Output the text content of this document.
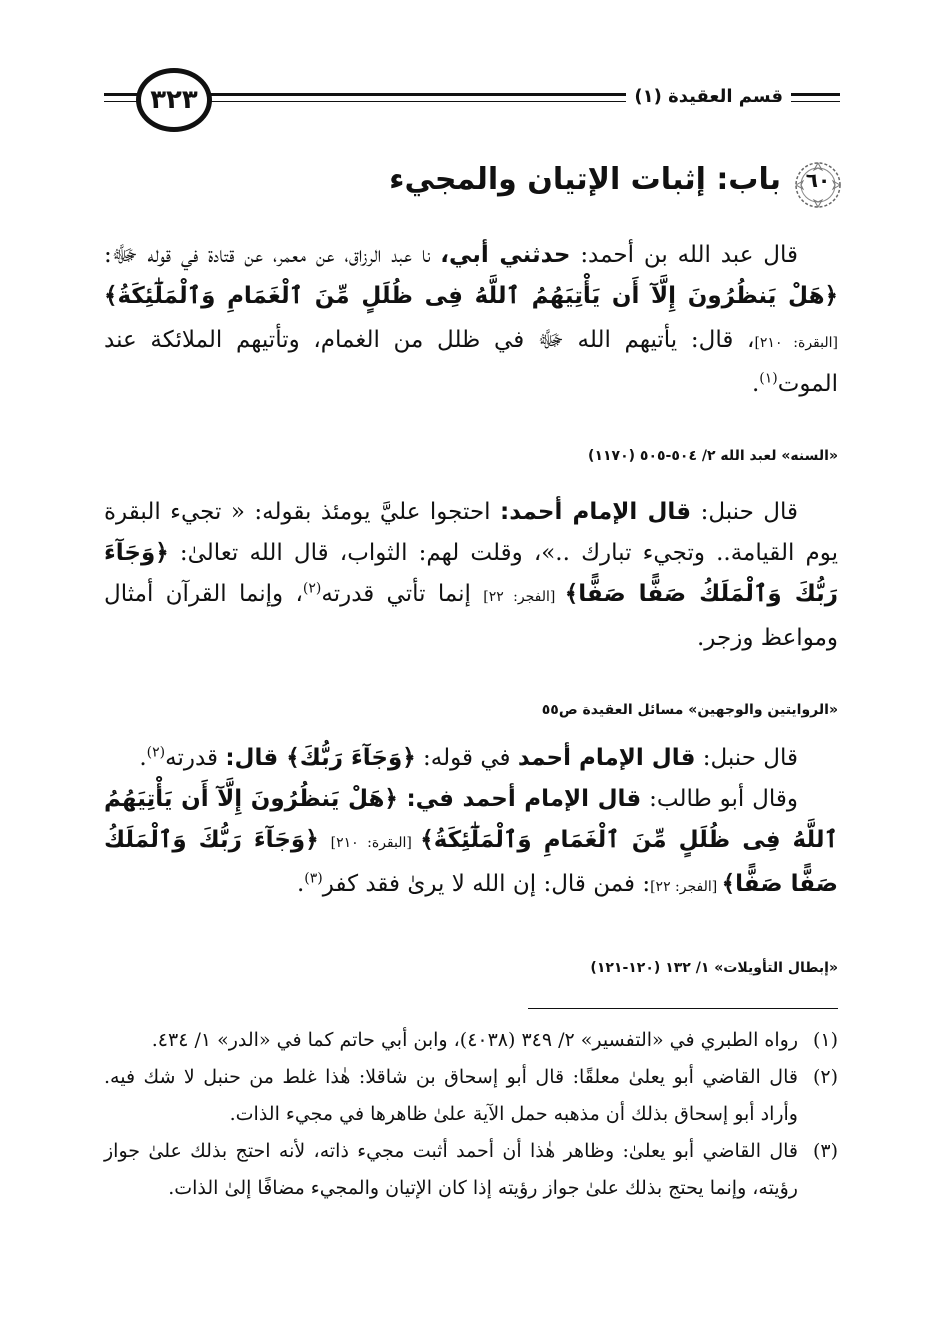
قسم العقيدة (١)
٣٢٣
٦٠
باب: إثبات الإتيان والمجيء

قال عبد الله بن أحمد: حدثني أبي، نا عبد الرزاق، عن معمر، عن قتادة في قوله ﷻ: ﴿هَلْ يَنظُرُونَ إِلَّآ أَن يَأْتِيَهُمُ ٱللَّهُ فِى ظُلَلٍ مِّنَ ٱلْغَمَامِ وَٱلْمَلَٰٓئِكَةُ﴾ [البقرة: ٢١٠]، قال: يأتيهم الله ﷻ في ظلل من الغمام، وتأتيهم الملائكة عند الموت$^{(١)}$.

«السنه» لعبد الله ٢/ ٥٠٤-٥٠٥ (١١٧٠)

قال حنبل: قال الإمام أحمد: احتجوا عليَّ يومئذ بقوله: « تجيء البقرة يوم القيامة.. وتجيء تبارك ..»، وقلت لهم: الثواب، قال الله تعالىٰ: ﴿وَجَآءَ رَبُّكَ وَٱلْمَلَكُ صَفًّا صَفًّا﴾ [الفجر: ٢٢] إنما تأتي قدرته$^{(٢)}$، وإنما القرآن أمثال ومواعظ وزجر.

«الروايتين والوجهين» مسائل العقيدة ص٥٥

قال حنبل: قال الإمام أحمد في قوله: ﴿وَجَآءَ رَبُّكَ﴾ قال: قدرته$^{(٢)}$.

وقال أبو طالب: قال الإمام أحمد في: ﴿هَلْ يَنظُرُونَ إِلَّآ أَن يَأْتِيَهُمُ ٱللَّهُ فِى ظُلَلٍ مِّنَ ٱلْغَمَامِ وَٱلْمَلَٰٓئِكَةُ﴾ [البقرة: ٢١٠] ﴿وَجَآءَ رَبُّكَ وَٱلْمَلَكُ صَفًّا صَفًّا﴾ [الفجر: ٢٢]: فمن قال: إن الله لا يرىٰ فقد كفر$^{(٣)}$.

«إبطال التأويلات» ١/ ١٣٢ (١٢٠-١٢١)
(١)
رواه الطبري في «التفسير» ٢/ ٣٤٩ (٤٠٣٨)، وابن أبي حاتم كما في «الدر» ١/ ٤٣٤.
(٢)
قال القاضي أبو يعلىٰ معلقًا: قال أبو إسحاق بن شاقلا: هٰذا غلط من حنبل لا شك فيه. وأراد أبو إسحاق بذلك أن مذهبه حمل الآية علىٰ ظاهرها في مجيء الذات.
(٣)
قال القاضي أبو يعلىٰ: وظاهر هٰذا أن أحمد أثبت مجيء ذاته، لأنه احتج بذلك علىٰ جواز رؤيته، وإنما يحتج بذلك علىٰ جواز رؤيته إذا كان الإتيان والمجيء مضافًا إلىٰ الذات.
